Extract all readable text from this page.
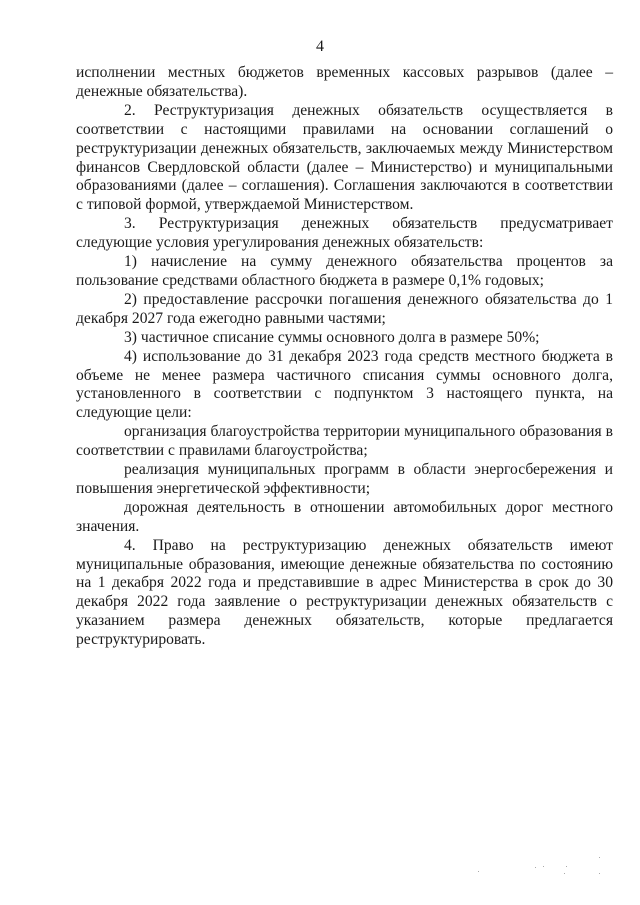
4

исполнении местных бюджетов временных кассовых разрывов (далее – денежные обязательства).

2. Реструктуризация денежных обязательств осуществляется в соответствии с настоящими правилами на основании соглашений о реструктуризации денежных обязательств, заключаемых между Министерством финансов Свердловской области (далее – Министерство) и муниципальными образованиями (далее – соглашения). Соглашения заключаются в соответствии с типовой формой, утверждаемой Министерством.

3. Реструктуризация денежных обязательств предусматривает следующие условия урегулирования денежных обязательств:

1) начисление на сумму денежного обязательства процентов за пользование средствами областного бюджета в размере 0,1% годовых;

2) предоставление рассрочки погашения денежного обязательства до 1 декабря 2027 года ежегодно равными частями;

3) частичное списание суммы основного долга в размере 50%;

4) использование до 31 декабря 2023 года средств местного бюджета в объеме не менее размера частичного списания суммы основного долга, установленного в соответствии с подпунктом 3 настоящего пункта, на следующие цели:

организация благоустройства территории муниципального образования в соответствии с правилами благоустройства;

реализация муниципальных программ в области энергосбережения и повышения энергетической эффективности;

дорожная деятельность в отношении автомобильных дорог местного значения.

4. Право на реструктуризацию денежных обязательств имеют муниципальные образования, имеющие денежные обязательства по состоянию на 1 декабря 2022 года и представившие в адрес Министерства в срок до 30 декабря 2022 года заявление о реструктуризации денежных обязательств с указанием размера денежных обязательств, которые предлагается реструктурировать.
